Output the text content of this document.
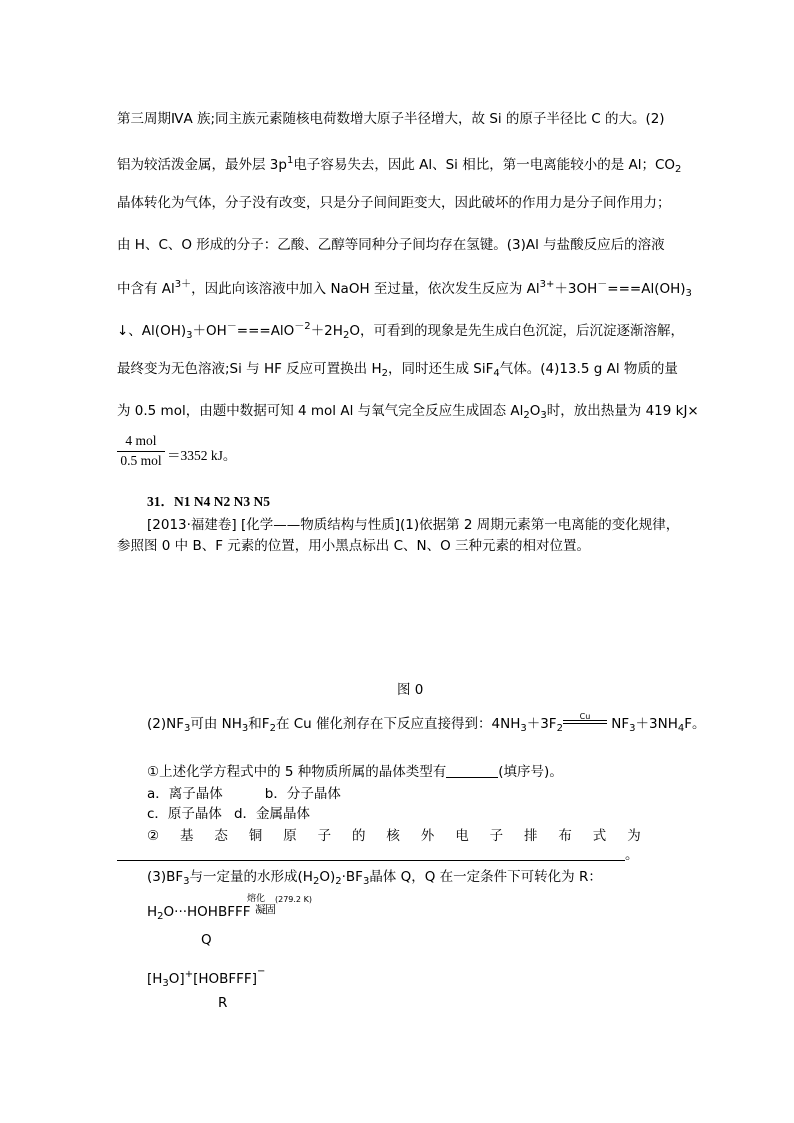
第三周期ⅣA 族;同主族元素随核电荷数增大原子半径增大，故 Si 的原子半径比 C 的大。(2)
铝为较活泼金属，最外层 $3p^1$电子容易失去，因此 Al、Si 相比，第一电离能较小的是 Al；$CO_2$
晶体转化为气体，分子没有改变，只是分子间间距变大，因此破坏的作用力是分子间作用力；
由 H、C、O 形成的分子：乙酸、乙醇等同种分子间均存在氢键。(3)Al 与盐酸反应后的溶液
中含有 $Al^{3+}$，因此向该溶液中加入 NaOH 至过量，依次发生反应为 $Al^{3+}+3OH^-===Al(OH)_3$
↓、$Al(OH)_3+OH^-===AlO^{-2}+2H_2O$，可看到的现象是先生成白色沉淀，后沉淀逐渐溶解，
最终变为无色溶液;Si 与 HF 反应可置换出 $H_2$，同时还生成 SiF$_4$气体。(4)13.5 g Al 物质的量
为 0.5 mol，由题中数据可知 4 mol Al 与氧气完全反应生成固态 $Al_2O_3$时，放出热量为 419 kJ×
4 mol
0.5 mol ＝3352 kJ。
31．N1 N4 N2 N3 N5
[2013·福建卷] [化学——物质结构与性质](1)依据第 2 周期元素第一电离能的变化规律，
参照图 0 中 B、F 元素的位置，用小黑点标出 C、N、O 三种元素的相对位置。
图 0
$(2)NF_3$可由 $NH_3$和$F_2$在 Cu 催化剂存在下反应直接得到：$4NH_3+3F_2$
Cu	$NF_3+3NH_4F$。
①上述化学方程式中的 5 种物质所属的晶体类型有	(填序号)。
a．离子晶体	b．分子晶体
c．原子晶体 d．金属晶体
②　基　态　铜　原　子　的　核　外　电　子　排　布　式　为
。
$(3)BF_3$与一定量的水形成$(H_2O)_2\cdot BF_3$晶体 Q，Q 在一定条件下可转化为 R：
$H_2O\cdot\cdot\cdot HOHBFFF$
熔化 (279.2 K)
凝固
Q
$[H_3O]^+[HOBFFF]^-$
R
